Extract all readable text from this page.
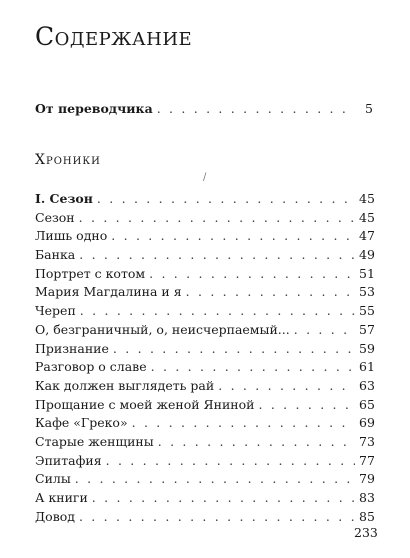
Содержание
От переводчика . . .	5
Хроники
/
I. Сезон . . .	45
Сезон . . .	45
Лишь одно . . .	47
Банка . . .	49
Портрет с котом . . .	51
Мария Магдалина и я . . .	53
Череп . . .	55
О, безграничный, о, неисчерпаемый... . . .	57
Признание . . .	59
Разговор о славе . . .	61
Как должен выглядеть рай . . .	63
Прощание с моей женой Яниной . . .	65
Кафе «Греко» . . .	69
Старые женщины . . .	73
Эпитафия . . .	77
Силы . . .	79
А книги . . .	83
Довод . . .	85
233
